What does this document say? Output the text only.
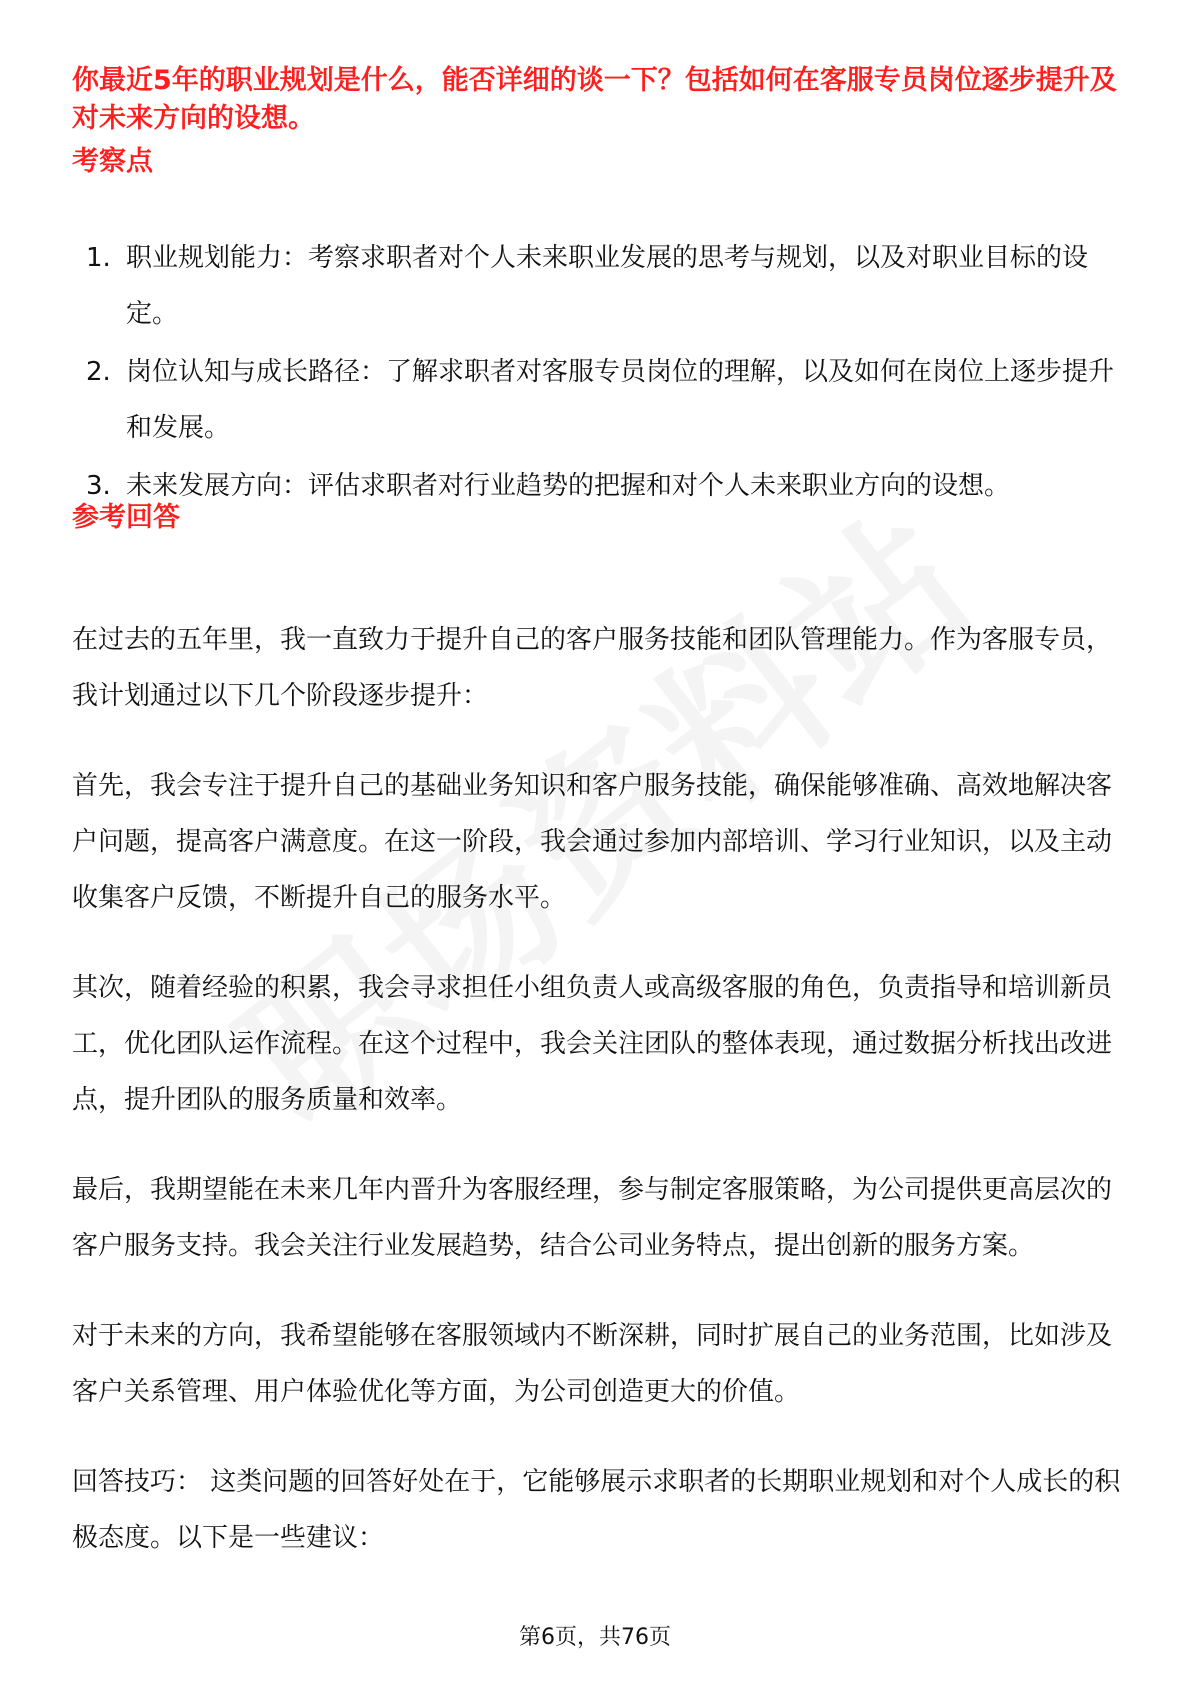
你最近5年的职业规划是什么，能否详细的谈一下？包括如何在客服专员岗位逐步提升及对未来方向的设想。
考察点
1. 职业规划能力：考察求职者对个人未来职业发展的思考与规划，以及对职业目标的设定。
2. 岗位认知与成长路径：了解求职者对客服专员岗位的理解，以及如何在岗位上逐步提升和发展。
3. 未来发展方向：评估求职者对行业趋势的把握和对个人未来职业方向的设想。
参考回答

在过去的五年里，我一直致力于提升自己的客户服务技能和团队管理能力。作为客服专员，我计划通过以下几个阶段逐步提升：

首先，我会专注于提升自己的基础业务知识和客户服务技能，确保能够准确、高效地解决客户问题，提高客户满意度。在这一阶段，我会通过参加内部培训、学习行业知识，以及主动收集客户反馈，不断提升自己的服务水平。

其次，随着经验的积累，我会寻求担任小组负责人或高级客服的角色，负责指导和培训新员工，优化团队运作流程。在这个过程中，我会关注团队的整体表现，通过数据分析找出改进点，提升团队的服务质量和效率。

最后，我期望能在未来几年内晋升为客服经理，参与制定客服策略，为公司提供更高层次的客户服务支持。我会关注行业发展趋势，结合公司业务特点，提出创新的服务方案。

对于未来的方向，我希望能够在客服领域内不断深耕，同时扩展自己的业务范围，比如涉及客户关系管理、用户体验优化等方面，为公司创造更大的价值。

回答技巧： 这类问题的回答好处在于，它能够展示求职者的长期职业规划和对个人成长的积极态度。以下是一些建议：

第6页，共76页
